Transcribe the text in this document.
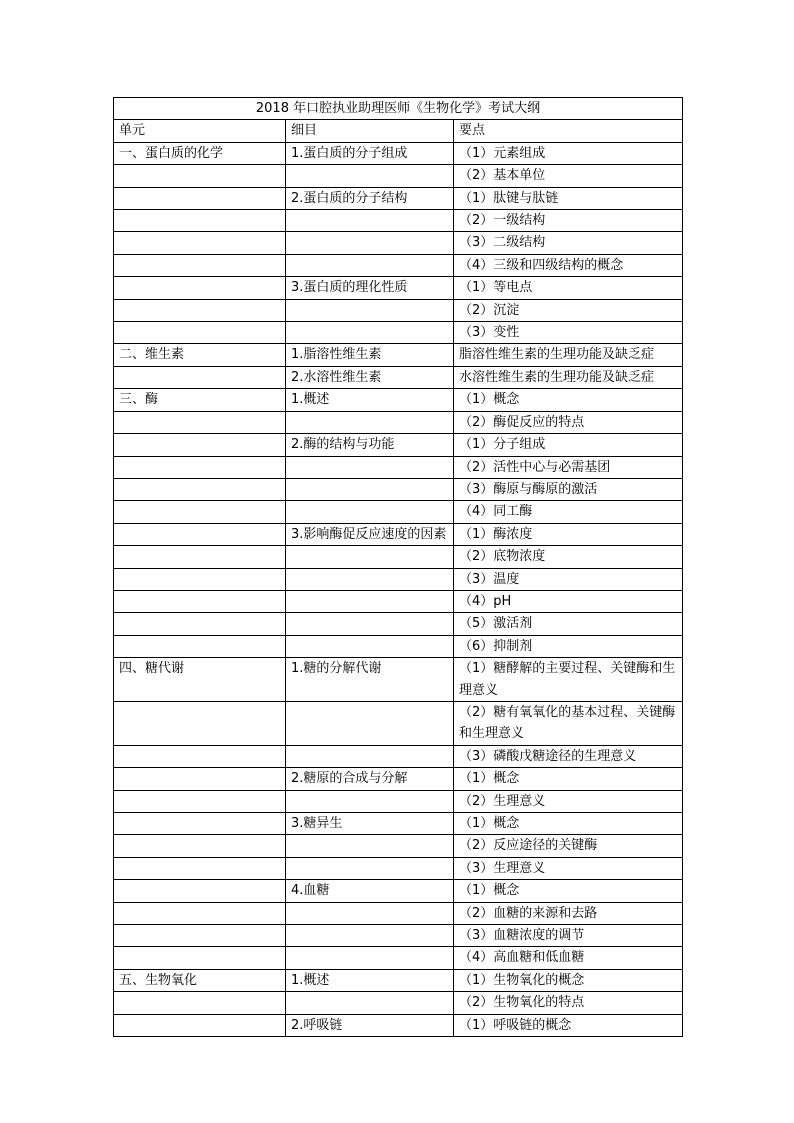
2018 年口腔执业助理医师《生物化学》考试大纲		
单元	细目	要点
一、蛋白质的化学	1.蛋白质的分子组成	（1）元素组成
		（2）基本单位
	2.蛋白质的分子结构	（1）肽键与肽链
		（2）一级结构
		（3）二级结构
		（4）三级和四级结构的概念
	3.蛋白质的理化性质	（1）等电点
		（2）沉淀
		（3）变性
二、维生素	1.脂溶性维生素	脂溶性维生素的生理功能及缺乏症
	2.水溶性维生素	水溶性维生素的生理功能及缺乏症
三、酶	1.概述	（1）概念
		（2）酶促反应的特点
	2.酶的结构与功能	（1）分子组成
		（2）活性中心与必需基团
		（3）酶原与酶原的激活
		（4）同工酶
	3.影响酶促反应速度的因素	（1）酶浓度
		（2）底物浓度
		（3）温度
		（4）pH
		（5）激活剂
		（6）抑制剂
四、糖代谢	1.糖的分解代谢	（1）糖酵解的主要过程、关键酶和生理意义
		（2）糖有氧氧化的基本过程、关键酶和生理意义
		（3）磷酸戊糖途径的生理意义
	2.糖原的合成与分解	（1）概念
		（2）生理意义
	3.糖异生	（1）概念
		（2）反应途径的关键酶
		（3）生理意义
	4.血糖	（1）概念
		（2）血糖的来源和去路
		（3）血糖浓度的调节
		（4）高血糖和低血糖
五、生物氧化	1.概述	（1）生物氧化的概念
		（2）生物氧化的特点
	2.呼吸链	（1）呼吸链的概念
